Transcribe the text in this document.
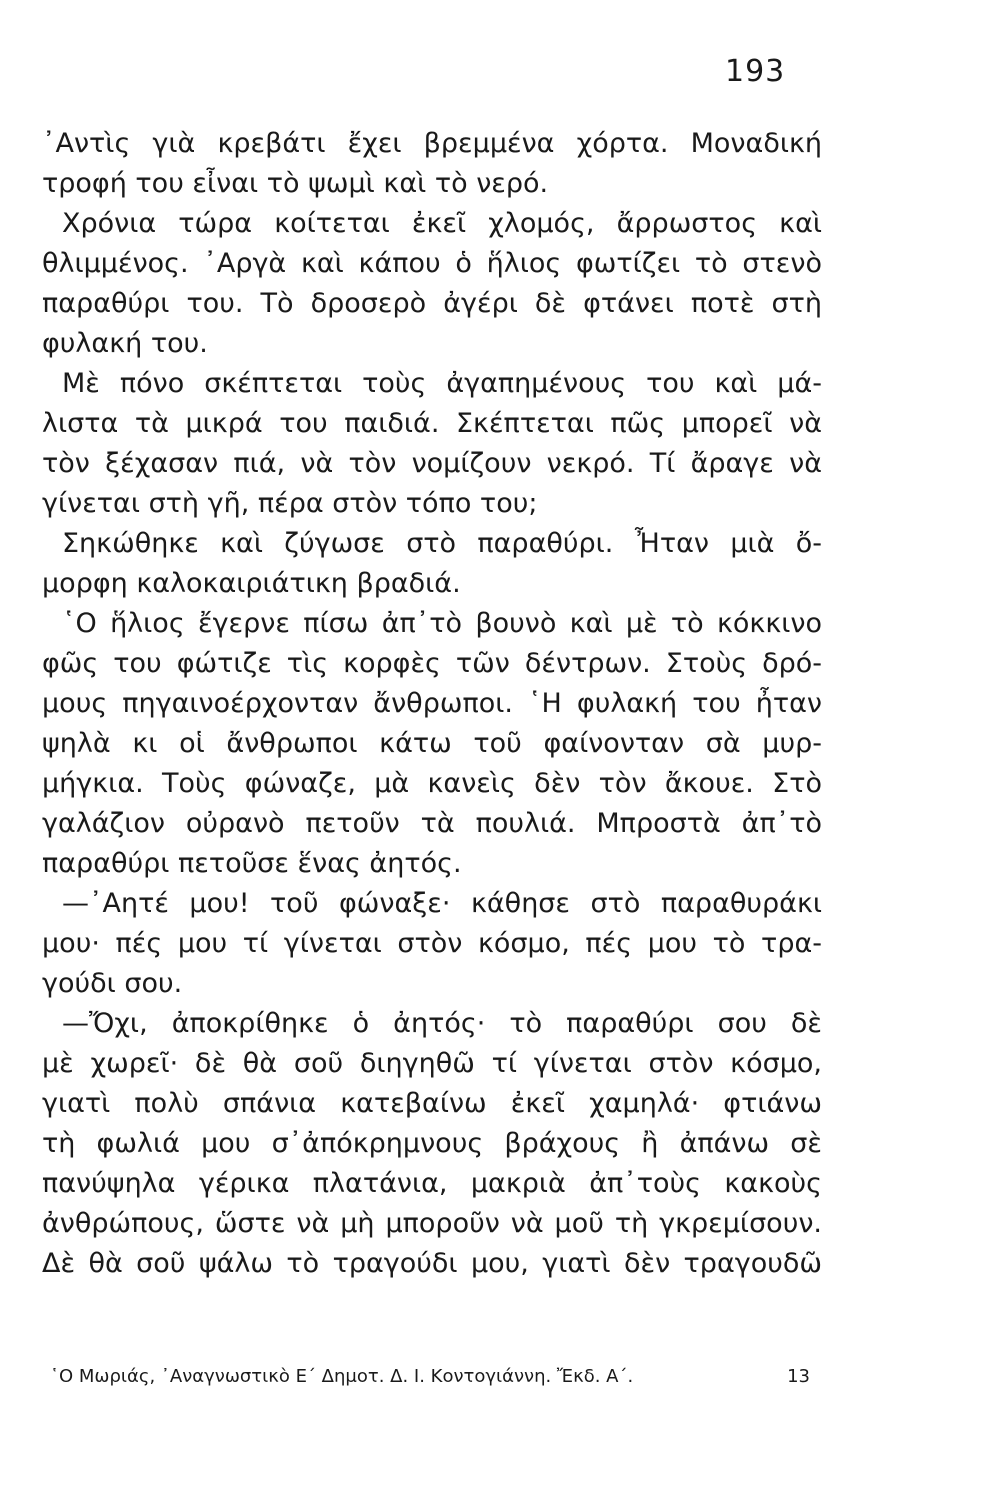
193
᾿Αντὶς γιὰ κρεβάτι ἔχει βρεμμένα χόρτα. Μοναδική
τροφή του εἶναι τὸ ψωμὶ καὶ τὸ νερό.
Χρόνια τώρα κοίτεται ἐκεῖ χλομός, ἄρρωστος καὶ
θλιμμένος. ᾿Αργὰ καὶ κάπου ὁ ἥλιος φωτίζει τὸ στενὸ
παραθύρι του. Τὸ δροσερὸ ἀγέρι δὲ φτάνει ποτὲ στὴ
φυλακή του.
Μὲ πόνο σκέπτεται τοὺς ἀγαπημένους του καὶ μά-
λιστα τὰ μικρά του παιδιά. Σκέπτεται πῶς μπορεῖ νὰ
τὸν ξέχασαν πιά, νὰ τὸν νομίζουν νεκρό. Τί ἄραγε νὰ
γίνεται στὴ γῆ, πέρα στὸν τόπο του;
Σηκώθηκε καὶ ζύγωσε στὸ παραθύρι. Ἦταν μιὰ ὄ-
μορφη καλοκαιριάτικη βραδιά.
῾Ο ἥλιος ἔγερνε πίσω ἀπ᾿τὸ βουνὸ καὶ μὲ τὸ κόκκινο
φῶς του φώτιζε τὶς κορφὲς τῶν δέντρων. Στοὺς δρό-
μους πηγαινοέρχονταν ἄνθρωποι. ῾Η φυλακή του ἦταν
ψηλὰ κι οἱ ἄνθρωποι κάτω τοῦ φαίνονταν σὰ μυρ-
μήγκια. Τοὺς φώναζε, μὰ κανεὶς δὲν τὸν ἄκουε. Στὸ
γαλάζιον οὐρανὸ πετοῦν τὰ πουλιά. Μπροστὰ ἀπ᾿τὸ
παραθύρι πετοῦσε ἕνας ἀητός.
—᾿Αητέ μου! τοῦ φώναξε· κάθησε στὸ παραθυράκι
μου· πές μου τί γίνεται στὸν κόσμο, πές μου τὸ τρα-
γούδι σου.
—Ὄχι, ἀποκρίθηκε ὁ ἀητός· τὸ παραθύρι σου δὲ
μὲ χωρεῖ· δὲ θὰ σοῦ διηγηθῶ τί γίνεται στὸν κόσμο,
γιατὶ πολὺ σπάνια κατεβαίνω ἐκεῖ χαμηλά· φτιάνω
τὴ φωλιά μου σ᾿ἀπόκρημνους βράχους ἢ ἀπάνω σὲ
πανύψηλα γέρικα πλατάνια, μακριὰ ἀπ᾿τοὺς κακοὺς
ἀνθρώπους, ὥστε νὰ μὴ μποροῦν νὰ μοῦ τὴ γκρεμίσουν.
Δὲ θὰ σοῦ ψάλω τὸ τραγούδι μου, γιατὶ δὲν τραγουδῶ
῾Ο Μωριάς, ᾿Αναγνωστικὸ Ε΄ Δημοτ. Δ. Ι. Κοντογιάννη. Ἔκδ. Α΄.	13
